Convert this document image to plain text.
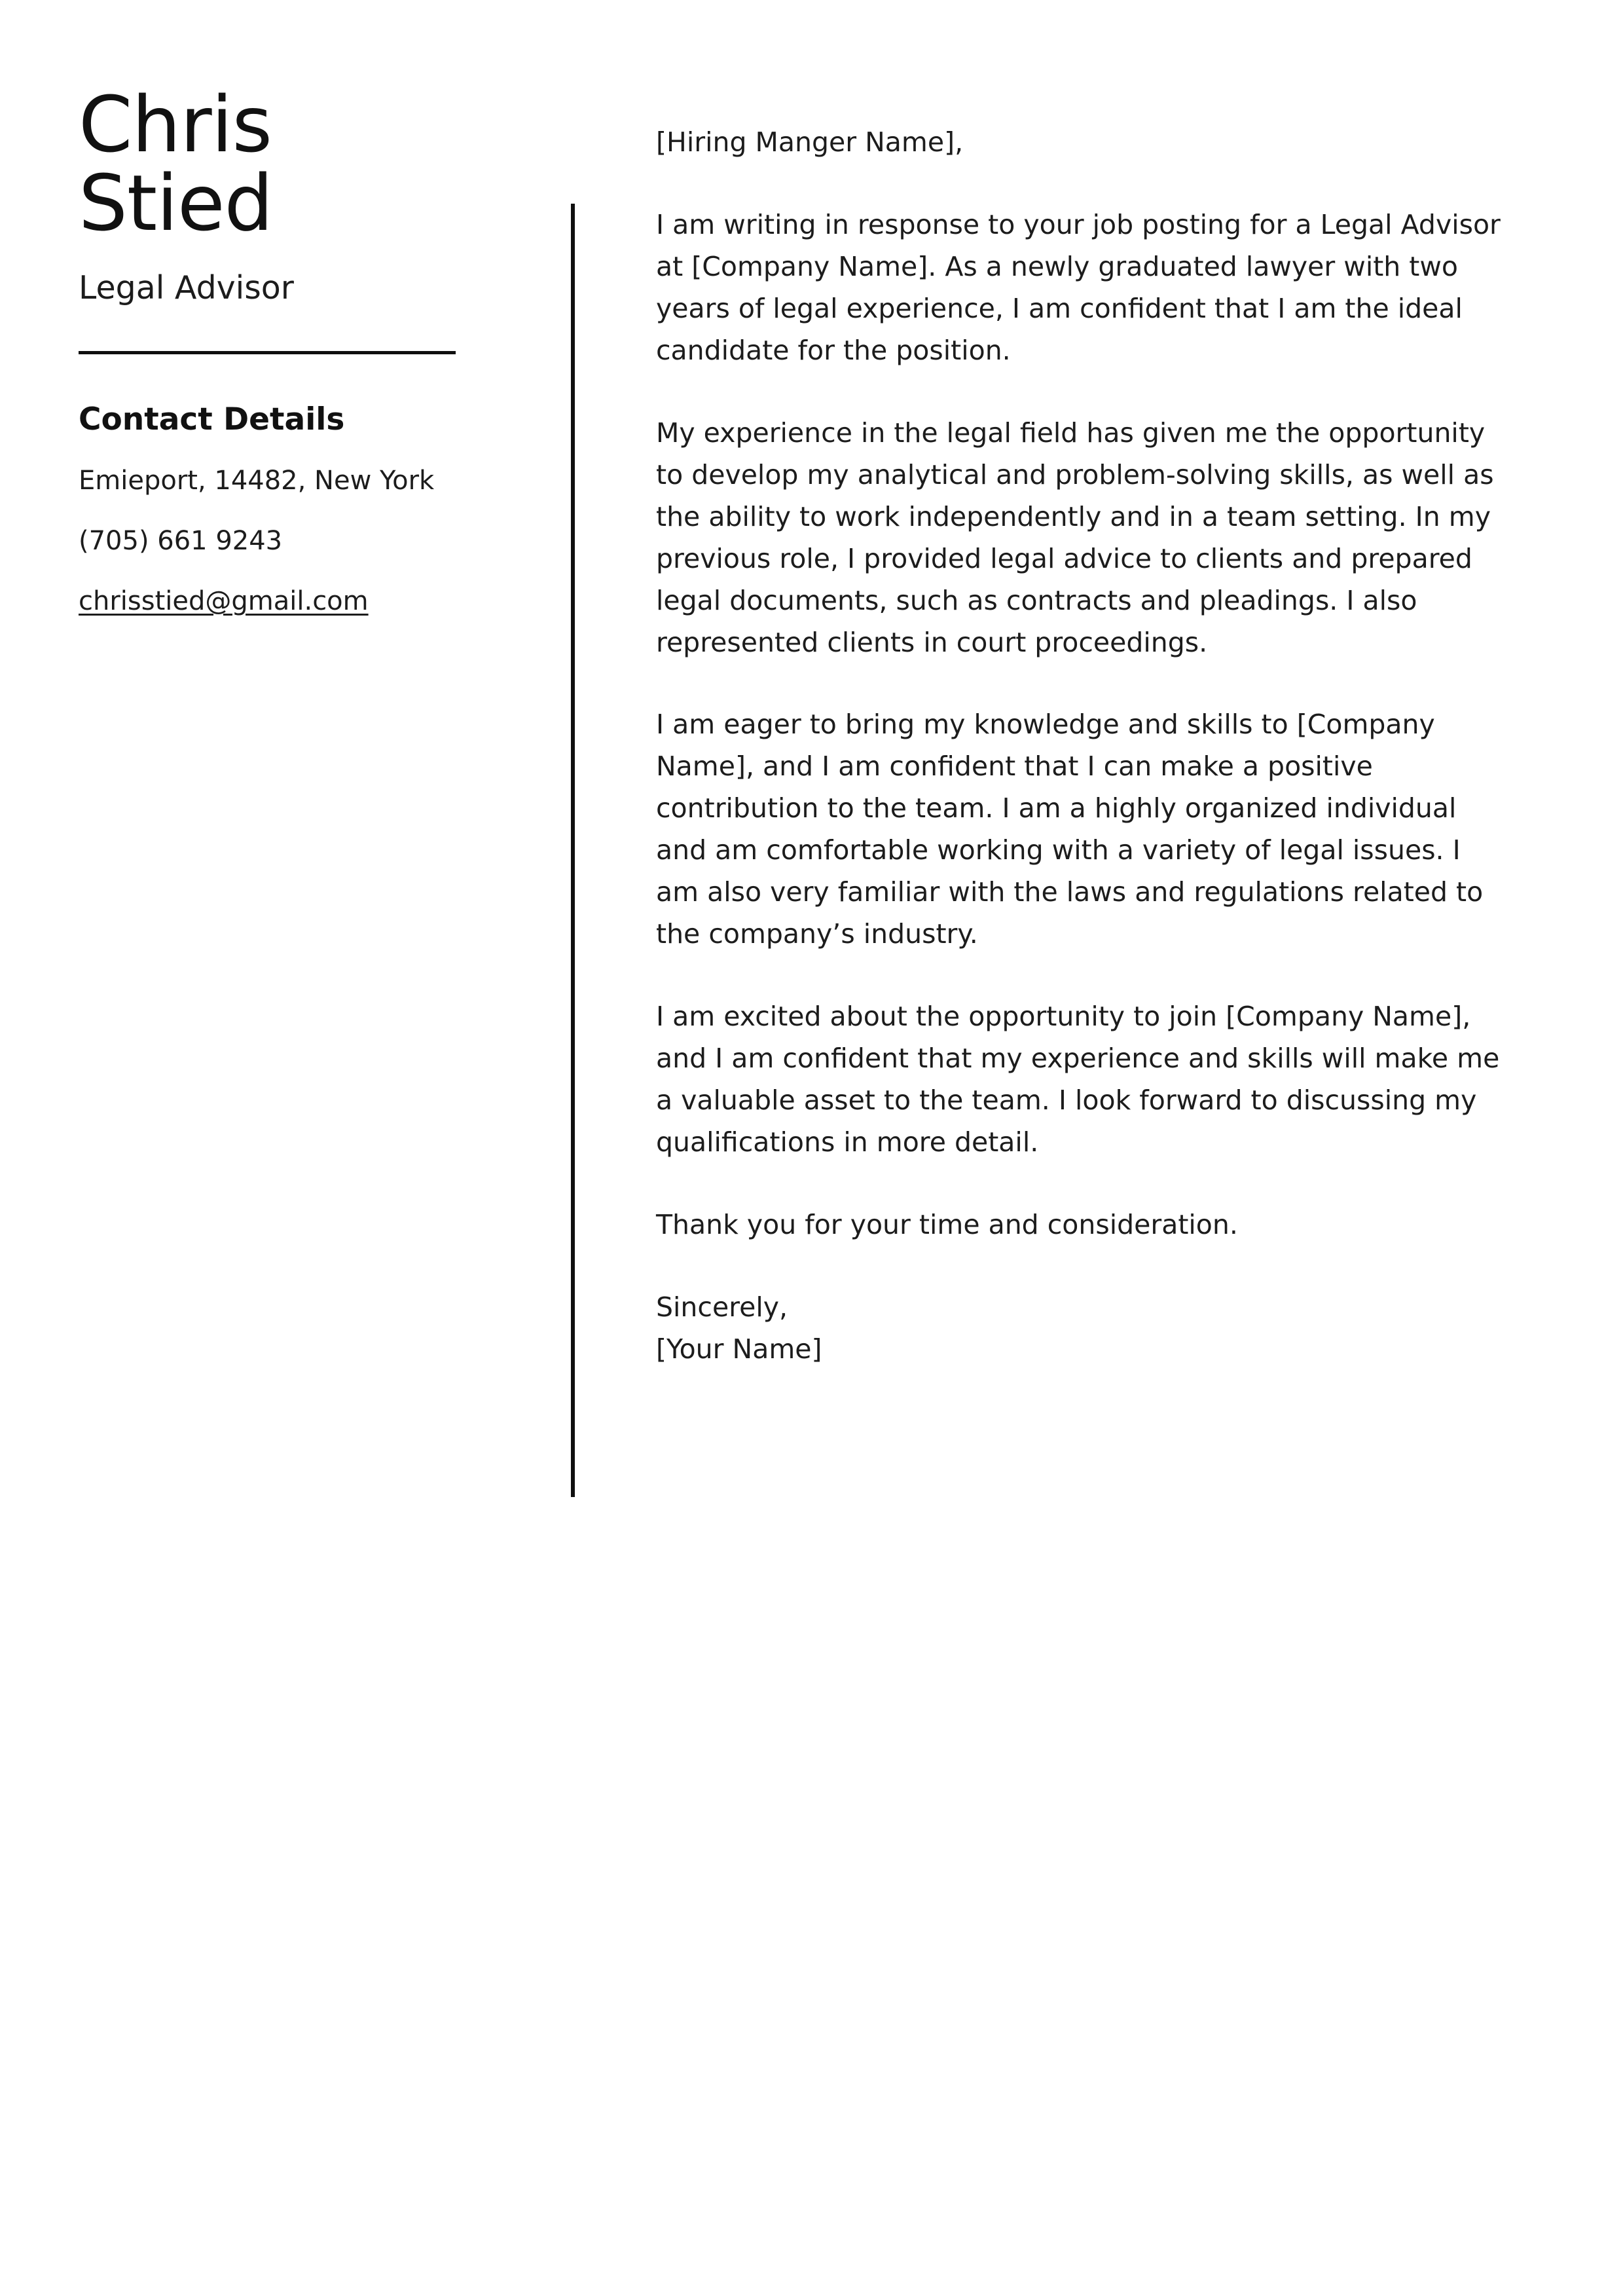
Chris
Stied
Legal Advisor
Contact Details
Emieport, 14482, New York
(705) 661 9243
chrisstied@gmail.com

[Hiring Manger Name],

I am writing in response to your job posting for a Legal Advisor at [Company Name]. As a newly graduated lawyer with two years of legal experience, I am confident that I am the ideal candidate for the position.

My experience in the legal field has given me the opportunity to develop my analytical and problem-solving skills, as well as the ability to work independently and in a team setting. In my previous role, I provided legal advice to clients and prepared legal documents, such as contracts and pleadings. I also represented clients in court proceedings.

I am eager to bring my knowledge and skills to [Company Name], and I am confident that I can make a positive contribution to the team. I am a highly organized individual and am comfortable working with a variety of legal issues. I am also very familiar with the laws and regulations related to the company’s industry.

I am excited about the opportunity to join [Company Name], and I am confident that my experience and skills will make me a valuable asset to the team. I look forward to discussing my qualifications in more detail.

Thank you for your time and consideration.

Sincerely,

[Your Name]
